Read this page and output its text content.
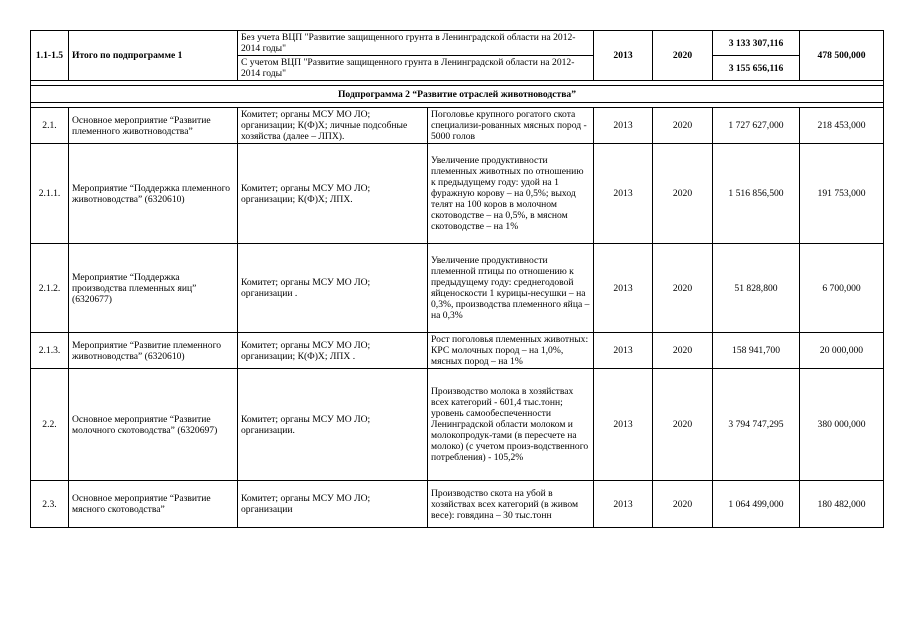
1.1-1.5	Итого по подпрограмме 1	Без учета ВЦП "Развитие защищенного грунта в Ленинградской области на 2012-2014 годы"		2013	2020	3 133 307,116	478 500,000
		С учетом ВЦП "Развитие защищенного грунта в Ленинградской области на 2012-2014 годы"				3 155 656,116	

Подпрограмма 2 “Развитие отраслей животноводства”							

2.1.	Основное мероприятие “Развитие племенного животноводства”	Комитет; органы МСУ МО ЛО; организации; К(Ф)Х; личные подсобные хозяйства (далее – ЛПХ).	Поголовье крупного рогатого скота специализи-рованных мясных пород - 5000 голов	2013	2020	1 727 627,000	218 453,000
2.1.1.	Мероприятие “Поддержка племенного животноводства” (6320610)	Комитет; органы МСУ МО ЛО; организации; К(Ф)Х; ЛПХ.	Увеличение продуктивности племенных животных по отношению к предыдущему году: удой на 1 фуражную корову – на 0,5%; выход телят на 100 коров в молочном скотоводстве – на 0,5%, в мясном скотоводстве – на 1%	2013	2020	1 516 856,500	191 753,000
2.1.2.	Мероприятие “Поддержка производства племенных яиц” (6320677)	Комитет; органы МСУ МО ЛО; организации .	Увеличение продуктивности племенной птицы по отношению к предыдущему году: среднегодовой яйценоскости 1 курицы-несушки – на 0,3%, производства племенного яйца – на 0,3%	2013	2020	51 828,800	6 700,000
2.1.3.	Мероприятие “Развитие племенного животноводства” (6320610)	Комитет; органы МСУ МО ЛО; организации; К(Ф)Х; ЛПХ .	Рост поголовья племенных животных: КРС молочных пород – на 1,0%, мясных пород – на 1%	2013	2020	158 941,700	20 000,000
2.2.	Основное мероприятие “Развитие молочного скотоводства” (6320697)	Комитет; органы МСУ МО ЛО; организации.	Производство молока в хозяйствах всех категорий - 601,4 тыс.тонн; уровень самообеспеченности Ленинградской области молоком и молокопродук-тами (в пересчете на молоко) (с учетом произ-водственного потребления) - 105,2%	2013	2020	3 794 747,295	380 000,000
2.3.	Основное мероприятие “Развитие мясного скотоводства”	Комитет; органы МСУ МО ЛО; организации	Производство скота на убой в хозяйствах всех категорий (в живом весе): говядина – 30 тыс.тонн	2013	2020	1 064 499,000	180 482,000
